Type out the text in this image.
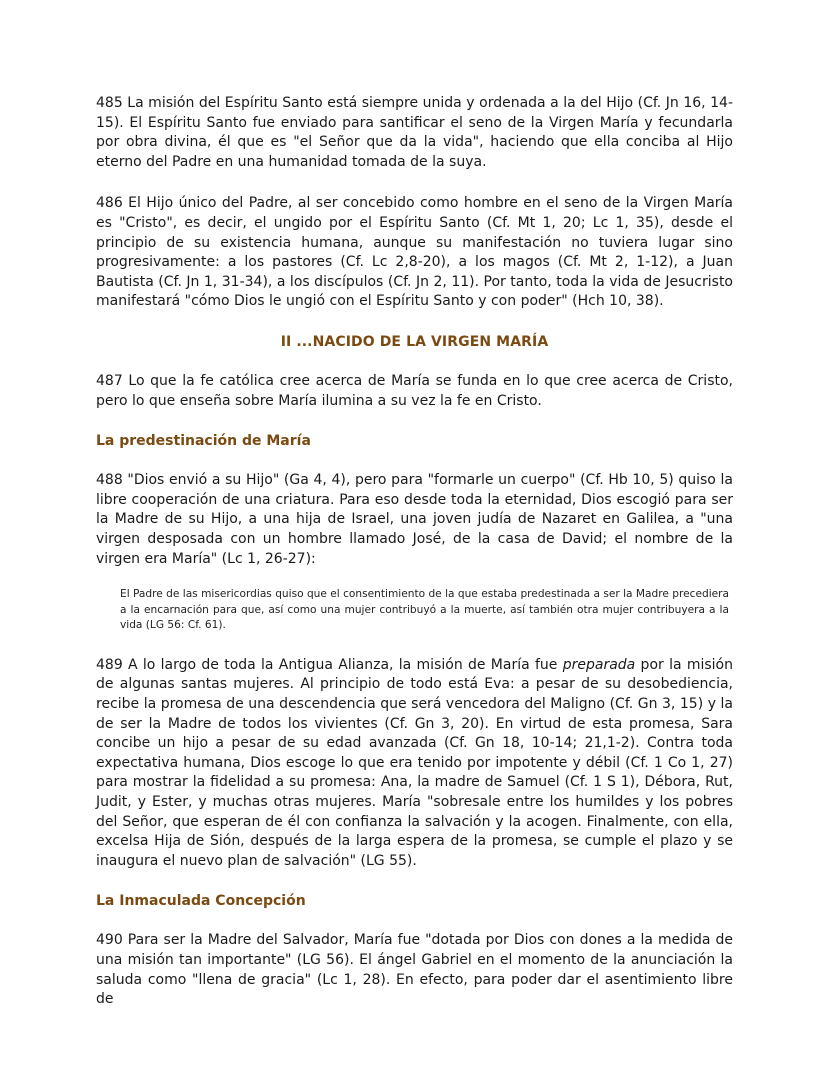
485 La misión del Espíritu Santo está siempre unida y ordenada a la del Hijo (Cf. Jn 16, 14-15). El Espíritu Santo fue enviado para santificar el seno de la Virgen María y fecundarla por obra divina, él que es "el Señor que da la vida", haciendo que ella conciba al Hijo eterno del Padre en una humanidad tomada de la suya.

486 El Hijo único del Padre, al ser concebido como hombre en el seno de la Virgen María es "Cristo", es decir, el ungido por el Espíritu Santo (Cf. Mt 1, 20; Lc 1, 35), desde el principio de su existencia humana, aunque su manifestación no tuviera lugar sino progresivamente: a los pastores (Cf. Lc 2,8-20), a los magos (Cf. Mt 2, 1-12), a Juan Bautista (Cf. Jn 1, 31-34), a los discípulos (Cf. Jn 2, 11). Por tanto, toda la vida de Jesucristo manifestará "cómo Dios le ungió con el Espíritu Santo y con poder" (Hch 10, 38).

II ...NACIDO DE LA VIRGEN MARÍA

487 Lo que la fe católica cree acerca de María se funda en lo que cree acerca de Cristo, pero lo que enseña sobre María ilumina a su vez la fe en Cristo.

La predestinación de María

488 "Dios envió a su Hijo" (Ga 4, 4), pero para "formarle un cuerpo" (Cf. Hb 10, 5) quiso la libre cooperación de una criatura. Para eso desde toda la eternidad, Dios escogió para ser la Madre de su Hijo, a una hija de Israel, una joven judía de Nazaret en Galilea, a "una virgen desposada con un hombre llamado José, de la casa de David; el nombre de la virgen era María" (Lc 1, 26-27):

El Padre de las misericordias quiso que el consentimiento de la que estaba predestinada a ser la Madre precediera a la encarnación para que, así como una mujer contribuyó a la muerte, así también otra mujer contribuyera a la vida (LG 56: Cf. 61).

489 A lo largo de toda la Antigua Alianza, la misión de María fue preparada por la misión de algunas santas mujeres. Al principio de todo está Eva: a pesar de su desobediencia, recibe la promesa de una descendencia que será vencedora del Maligno (Cf. Gn 3, 15) y la de ser la Madre de todos los vivientes (Cf. Gn 3, 20). En virtud de esta promesa, Sara concibe un hijo a pesar de su edad avanzada (Cf. Gn 18, 10-14; 21,1-2). Contra toda expectativa humana, Dios escoge lo que era tenido por impotente y débil (Cf. 1 Co 1, 27) para mostrar la fidelidad a su promesa: Ana, la madre de Samuel (Cf. 1 S 1), Débora, Rut, Judit, y Ester, y muchas otras mujeres. María "sobresale entre los humildes y los pobres del Señor, que esperan de él con confianza la salvación y la acogen. Finalmente, con ella, excelsa Hija de Sión, después de la larga espera de la promesa, se cumple el plazo y se inaugura el nuevo plan de salvación" (LG 55).

La Inmaculada Concepción

490 Para ser la Madre del Salvador, María fue "dotada por Dios con dones a la medida de una misión tan importante" (LG 56). El ángel Gabriel en el momento de la anunciación la saluda como "llena de gracia" (Lc 1, 28). En efecto, para poder dar el asentimiento libre de
